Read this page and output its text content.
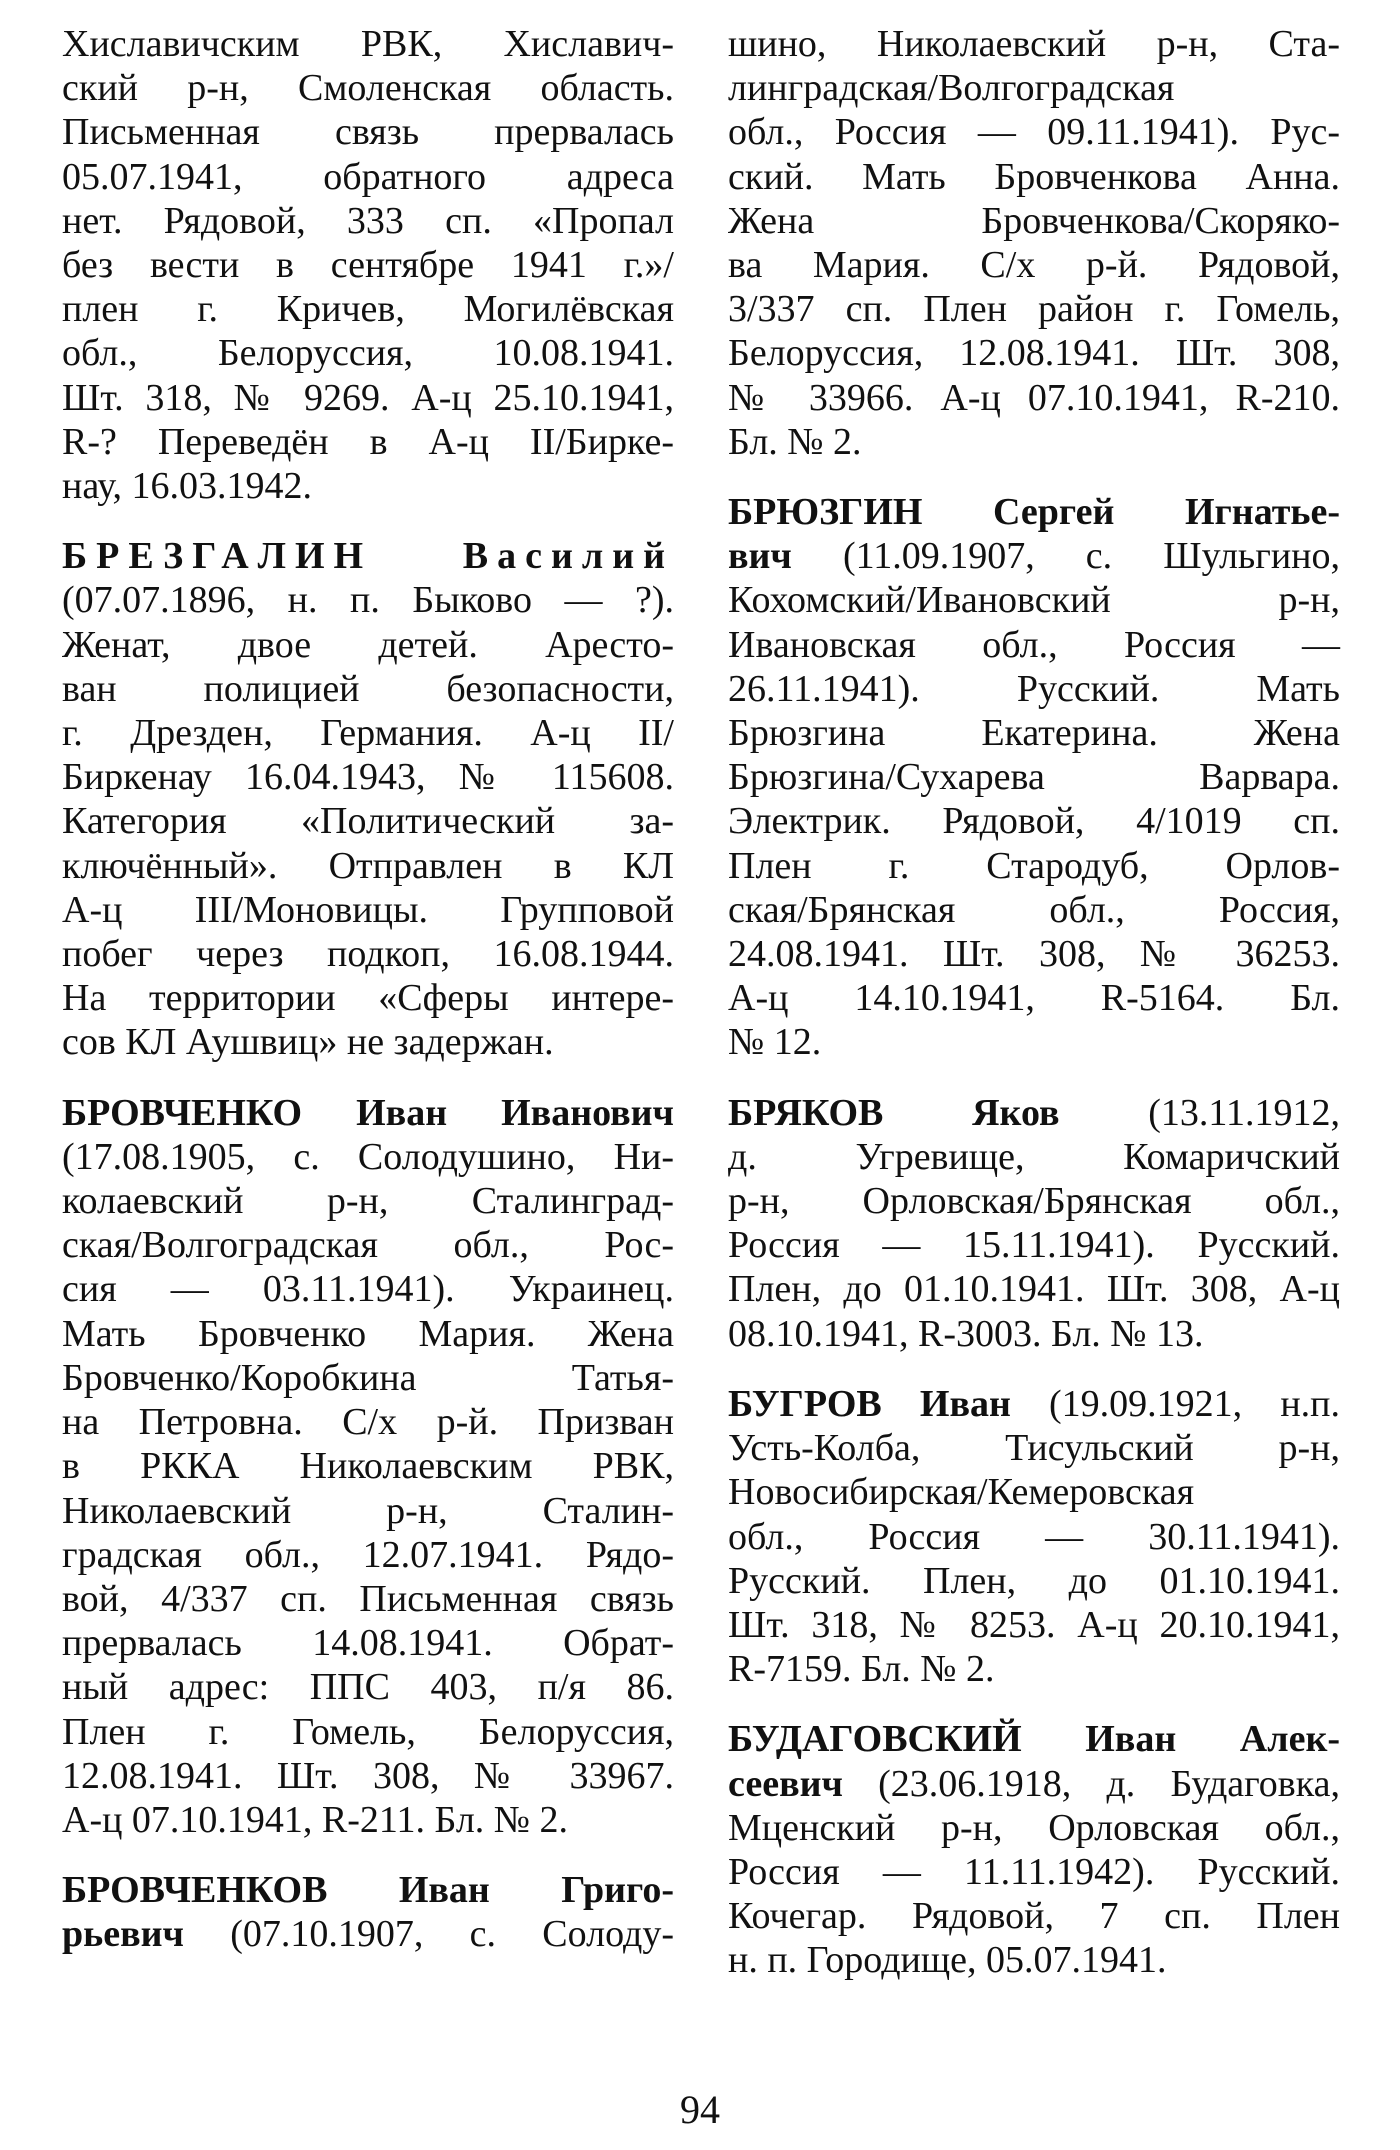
Хиславичским РВК, Хиславич-
ский р-н, Смоленская область.
Письменная связь прервалась
05.07.1941, обратного адреса
нет. Рядовой, 333 сп. «Пропал
без вести в сентябре 1941 г.»/
плен г. Кричев, Могилёвская
обл., Белоруссия, 10.08.1941.
Шт. 318, № 9269. А-ц 25.10.1941,
R-? Переведён в А-ц II/Бирке-
нау, 16.03.1942.
БРЕЗГАЛИН Василий
(07.07.1896, н. п. Быково — ?).
Женат, двое детей. Аресто-
ван полицией безопасности,
г. Дрезден, Германия. А-ц II/
Биркенау 16.04.1943, № 115608.
Категория «Политический за-
ключённый». Отправлен в КЛ
А-ц III/Моновицы. Групповой
побег через подкоп, 16.08.1944.
На территории «Сферы интере-
сов КЛ Аушвиц» не задержан.
БРОВЧЕНКО Иван Иванович
(17.08.1905, с. Солодушино, Ни-
колаевский р-н, Сталинград-
ская/Волгоградская обл., Рос-
сия — 03.11.1941). Украинец.
Мать Бровченко Мария. Жена
Бровченко/Коробкина Татья-
на Петровна. С/х р-й. Призван
в РККА Николаевским РВК,
Николаевский р-н, Сталин-
градская обл., 12.07.1941. Рядо-
вой, 4/337 сп. Письменная связь
прервалась 14.08.1941. Обрат-
ный адрес: ППС 403, п/я 86.
Плен г. Гомель, Белоруссия,
12.08.1941. Шт. 308, № 33967.
А-ц 07.10.1941, R-211. Бл. № 2.
БРОВЧЕНКОВ Иван Григо-
рьевич (07.10.1907, с. Солоду-
шино, Николаевский р-н, Ста-
линградская/Волгоградская
обл., Россия — 09.11.1941). Рус-
ский. Мать Бровченкова Анна.
Жена Бровченкова/Скоряко-
ва Мария. С/х р-й. Рядовой,
3/337 сп. Плен район г. Гомель,
Белоруссия, 12.08.1941. Шт. 308,
№ 33966. А-ц 07.10.1941, R-210.
Бл. № 2.
БРЮЗГИН Сергей Игнатье-
вич (11.09.1907, с. Шульгино,
Кохомский/Ивановский р-н,
Ивановская обл., Россия —
26.11.1941). Русский. Мать
Брюзгина Екатерина. Жена
Брюзгина/Сухарева Варвара.
Электрик. Рядовой, 4/1019 сп.
Плен г. Стародуб, Орлов-
ская/Брянская обл., Россия,
24.08.1941. Шт. 308, № 36253.
А-ц 14.10.1941, R-5164. Бл.
№ 12.
БРЯКОВ Яков (13.11.1912,
д. Угревище, Комаричский
р-н, Орловская/Брянская обл.,
Россия — 15.11.1941). Русский.
Плен, до 01.10.1941. Шт. 308, А-ц
08.10.1941, R-3003. Бл. № 13.
БУГРОВ Иван (19.09.1921, н.п.
Усть-Колба, Тисульский р-н,
Новосибирская/Кемеровская
обл., Россия — 30.11.1941).
Русский. Плен, до 01.10.1941.
Шт. 318, № 8253. А-ц 20.10.1941,
R-7159. Бл. № 2.
БУДАГОВСКИЙ Иван Алек-
сеевич (23.06.1918, д. Будаговка,
Мценский р-н, Орловская обл.,
Россия — 11.11.1942). Русский.
Кочегар. Рядовой, 7 сп. Плен
н. п. Городище, 05.07.1941.
94
